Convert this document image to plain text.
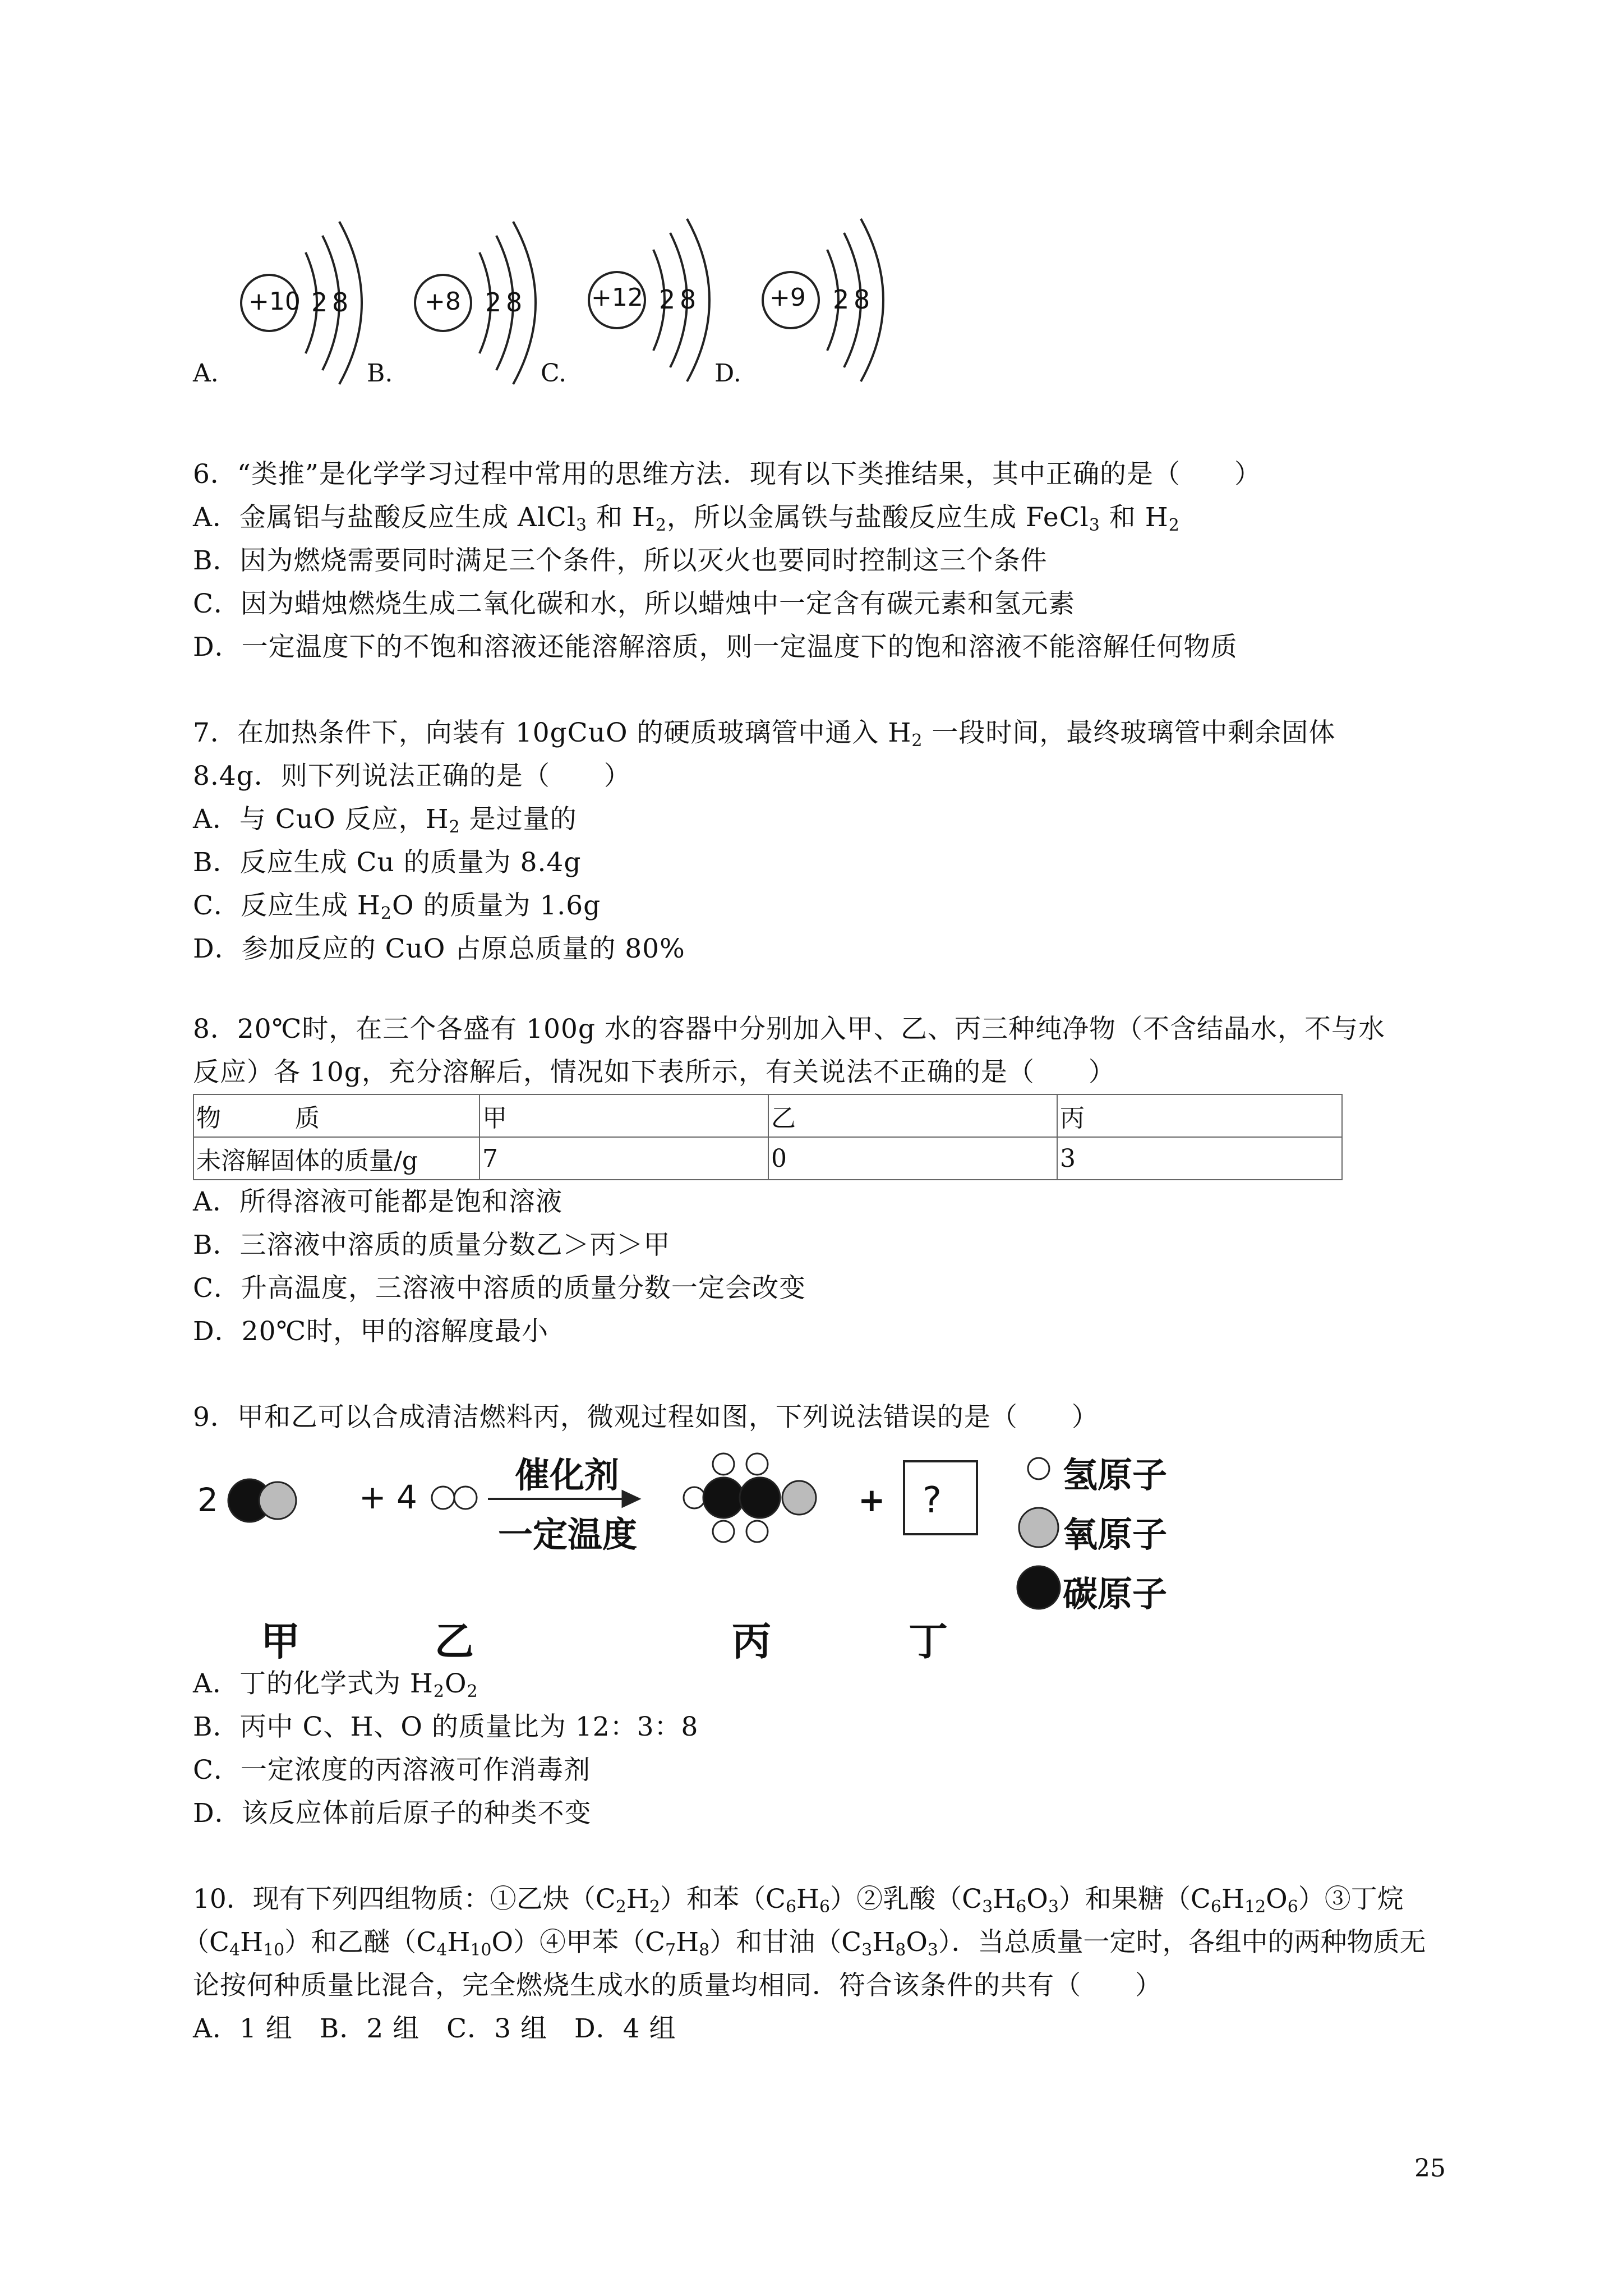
+10 2 8	+8 2 8	+12 2 8	+9 2 8
A.	B.	C.	D.
6．“类推”是化学学习过程中常用的思维方法．现有以下类推结果，其中正确的是（　　）
A．金属铝与盐酸反应生成 AlCl$_3$ 和 $H_2$，所以金属铁与盐酸反应生成 FeCl$_3$ 和 $H_2$
B．因为燃烧需要同时满足三个条件，所以灭火也要同时控制这三个条件
C．因为蜡烛燃烧生成二氧化碳和水，所以蜡烛中一定含有碳元素和氢元素
D．一定温度下的不饱和溶液还能溶解溶质，则一定温度下的饱和溶液不能溶解任何物质
7．在加热条件下，向装有 10gCuO 的硬质玻璃管中通入 $H_2$ 一段时间，最终玻璃管中剩余固体
8.4g．则下列说法正确的是（　　）
A．与 CuO 反应，$H_2$ 是过量的
B．反应生成 Cu 的质量为 8.4g
C．反应生成 $H_2O$ 的质量为 1.6g
D．参加反应的 CuO 占原总质量的 80%
8．20℃时，在三个各盛有 100g 水的容器中分别加入甲、乙、丙三种纯净物（不含结晶水，不与水
反应）各 10g，充分溶解后，情况如下表所示，有关说法不正确的是（　　）
物　　　质	甲	乙	丙
未溶解固体的质量/g	7	0	3
A．所得溶液可能都是饱和溶液
B．三溶液中溶质的质量分数乙＞丙＞甲
C．升高温度，三溶液中溶质的质量分数一定会改变
D．20℃时，甲的溶解度最小
9．甲和乙可以合成清洁燃料丙，微观过程如图，下列说法错误的是（　　）
2	+ 4
催化剂
一定温度
+ ?
氢原子
氧原子
碳原子
甲	乙	丙	丁
A．丁的化学式为 $H_2O_2$
B．丙中 C、H、O 的质量比为 12：3：8
C．一定浓度的丙溶液可作消毒剂
D．该反应体前后原子的种类不变
10．现有下列四组物质：①乙炔$(C_2H_2)$和苯$(C_6H_6)②$乳酸$(C_3H_6O_3)$和果糖$(C_6H_{12}O_6)③$丁烷
$(C_4H_{10})$和乙醚$(C_4H_{10}O)④$甲苯$(C_7H_8)$和甘油$(C_3H_8O_3)$．当总质量一定时，各组中的两种物质无
论按何种质量比混合，完全燃烧生成水的质量均相同．符合该条件的共有（　　）
A．1 组　B．2 组　C．3 组　D．4 组
25
